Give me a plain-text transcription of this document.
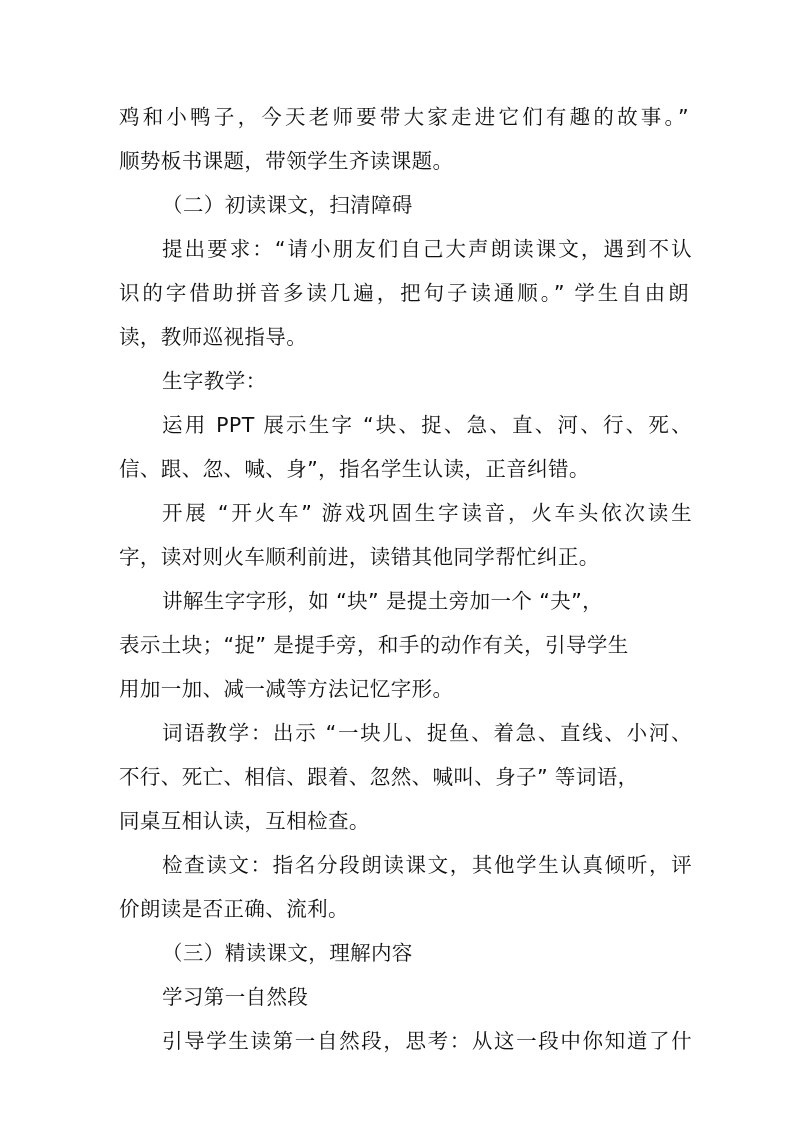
鸡和小鸭子，今天老师要带大家走进它们有趣的故事。”
顺势板书课题，带领学生齐读课题。
（二）初读课文，扫清障碍
提出要求：“请小朋友们自己大声朗读课文，遇到不认
识的字借助拼音多读几遍，把句子读通顺。” 学生自由朗
读，教师巡视指导。
生字教学：
运用 PPT 展示生字 “块、捉、急、直、河、行、死、
信、跟、忽、喊、身”，指名学生认读，正音纠错。
开展 “开火车” 游戏巩固生字读音，火车头依次读生
字，读对则火车顺利前进，读错其他同学帮忙纠正。
讲解生字字形，如 “块” 是提土旁加一个 “夬”，
表示土块；“捉” 是提手旁，和手的动作有关，引导学生
用加一加、减一减等方法记忆字形。
词语教学：出示 “一块儿、捉鱼、着急、直线、小河、
不行、死亡、相信、跟着、忽然、喊叫、身子” 等词语，
同桌互相认读，互相检查。
检查读文：指名分段朗读课文，其他学生认真倾听，评
价朗读是否正确、流利。
（三）精读课文，理解内容
学习第一自然段
引导学生读第一自然段，思考：从这一段中你知道了什
